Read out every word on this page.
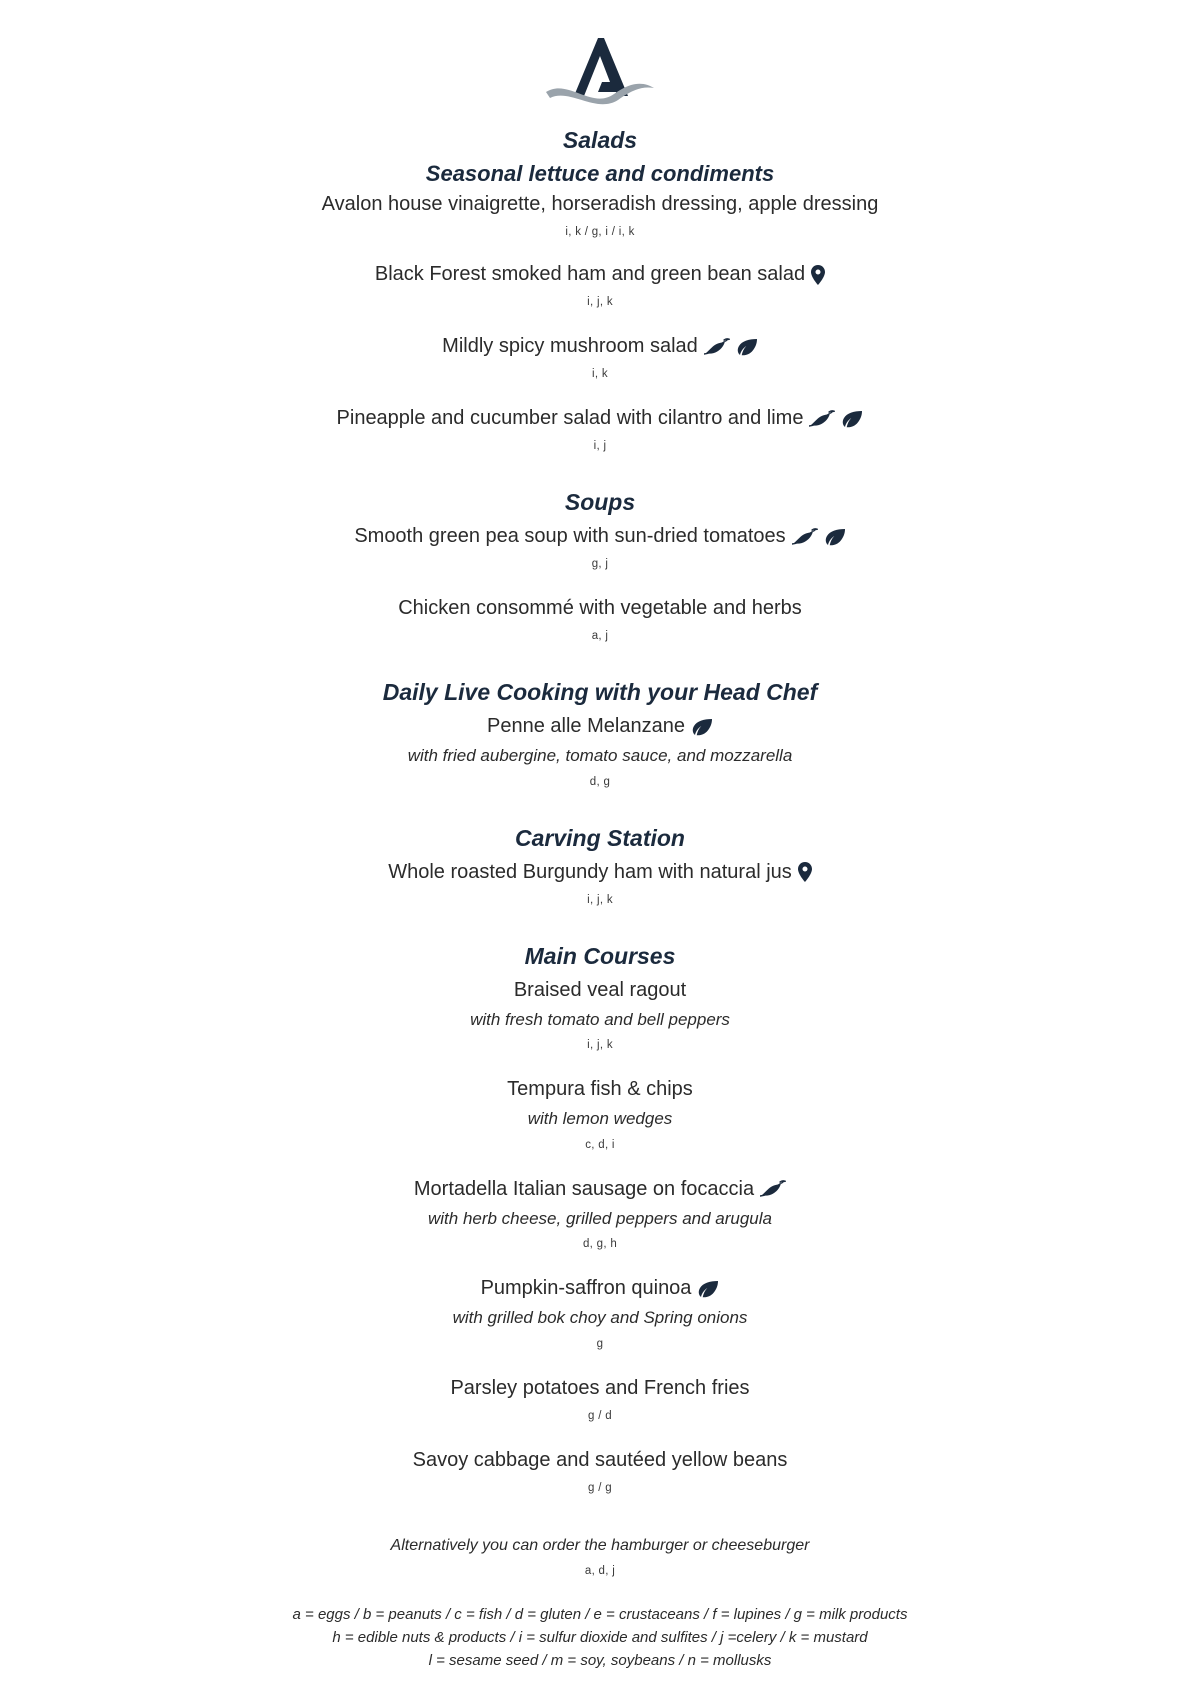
Salads
Seasonal lettuce and condiments
Avalon house vinaigrette, horseradish dressing, apple dressing
i, k / g, i / i, k
Black Forest smoked ham and green bean salad
i, j, k
Mildly spicy mushroom salad
i, k
Pineapple and cucumber salad with cilantro and lime
i, j
Soups
Smooth green pea soup with sun-dried tomatoes
g, j
Chicken consommé with vegetable and herbs
a, j
Daily Live Cooking with your Head Chef
Penne alle Melanzane
with fried aubergine, tomato sauce, and mozzarella
d, g
Carving Station
Whole roasted Burgundy ham with natural jus
i, j, k
Main Courses
Braised veal ragout
with fresh tomato and bell peppers
i, j, k
Tempura fish & chips
with lemon wedges
c, d, i
Mortadella Italian sausage on focaccia
with herb cheese, grilled peppers and arugula
d, g, h
Pumpkin-saffron quinoa
with grilled bok choy and Spring onions
g
Parsley potatoes and French fries
g / d
Savoy cabbage and sautéed yellow beans
g / g
Alternatively you can order the hamburger or cheeseburger
a, d, j
a = eggs / b = peanuts / c = fish / d = gluten / e = crustaceans / f = lupines / g = milk products
h = edible nuts & products / i = sulfur dioxide and sulfites / j =celery / k = mustard
l = sesame seed / m = soy, soybeans / n = mollusks
